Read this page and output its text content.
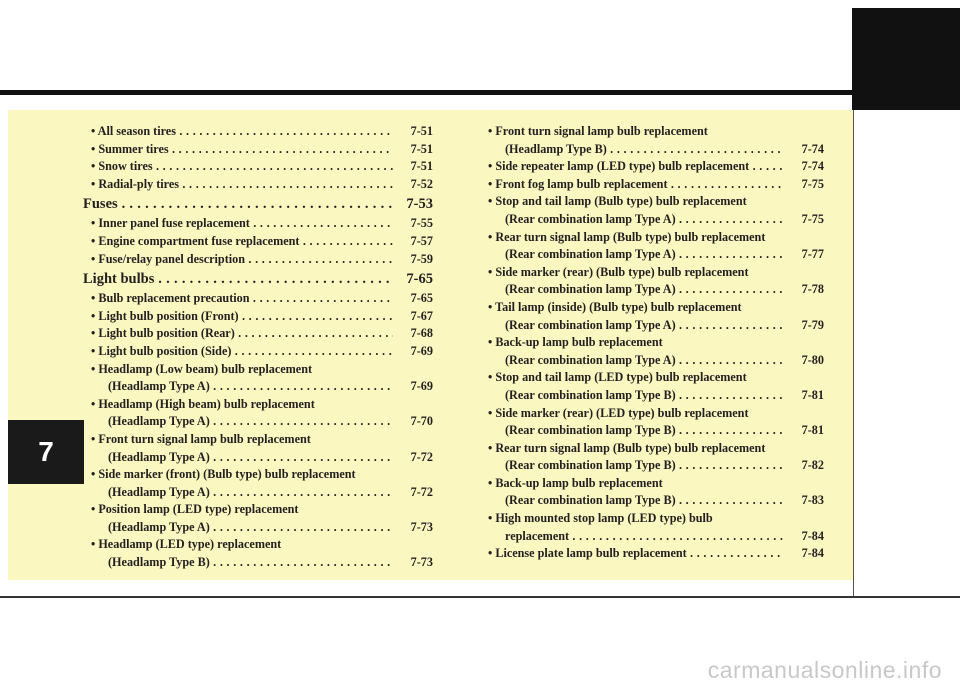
7
• All season tires . . .	7-51
• Summer tires . . .	7-51
• Snow tires . . .	7-51
• Radial-ply tires . . .	7-52
Fuses . . .	7-53
• Inner panel fuse replacement . . .	7-55
• Engine compartment fuse replacement . . .	7-57
• Fuse/relay panel description . . .	7-59
Light bulbs . . .	7-65
• Bulb replacement precaution . . .	7-65
• Light bulb position (Front) . . .	7-67
• Light bulb position (Rear) . . .	7-68
• Light bulb position (Side) . . .	7-69
• Headlamp (Low beam) bulb replacement
(Headlamp Type A) . . .	7-69
• Headlamp (High beam) bulb replacement
(Headlamp Type A) . . .	7-70
• Front turn signal lamp bulb replacement
(Headlamp Type A) . . .	7-72
• Side marker (front) (Bulb type) bulb replacement
(Headlamp Type A) . . .	7-72
• Position lamp (LED type) replacement
(Headlamp Type A) . . .	7-73
• Headlamp (LED type) replacement
(Headlamp Type B) . . .	7-73
• Front turn signal lamp bulb replacement
(Headlamp Type B) . . .	7-74
• Side repeater lamp (LED type) bulb replacement . . .	7-74
• Front fog lamp bulb replacement . . .	7-75
• Stop and tail lamp (Bulb type) bulb replacement
(Rear combination lamp Type A) . . .	7-75
• Rear turn signal lamp (Bulb type) bulb replacement
(Rear combination lamp Type A) . . .	7-77
• Side marker (rear) (Bulb type) bulb replacement
(Rear combination lamp Type A) . . .	7-78
• Tail lamp (inside) (Bulb type) bulb replacement
(Rear combination lamp Type A) . . .	7-79
• Back-up lamp bulb replacement
(Rear combination lamp Type A) . . .	7-80
• Stop and tail lamp (LED type) bulb replacement
(Rear combination lamp Type B) . . .	7-81
• Side marker (rear) (LED type) bulb replacement
(Rear combination lamp Type B) . . .	7-81
• Rear turn signal lamp (Bulb type) bulb replacement
(Rear combination lamp Type B) . . .	7-82
• Back-up lamp bulb replacement
(Rear combination lamp Type B) . . .	7-83
• High mounted stop lamp (LED type) bulb
replacement . . .	7-84
• License plate lamp bulb replacement . . .	7-84
carmanualsonline.info
